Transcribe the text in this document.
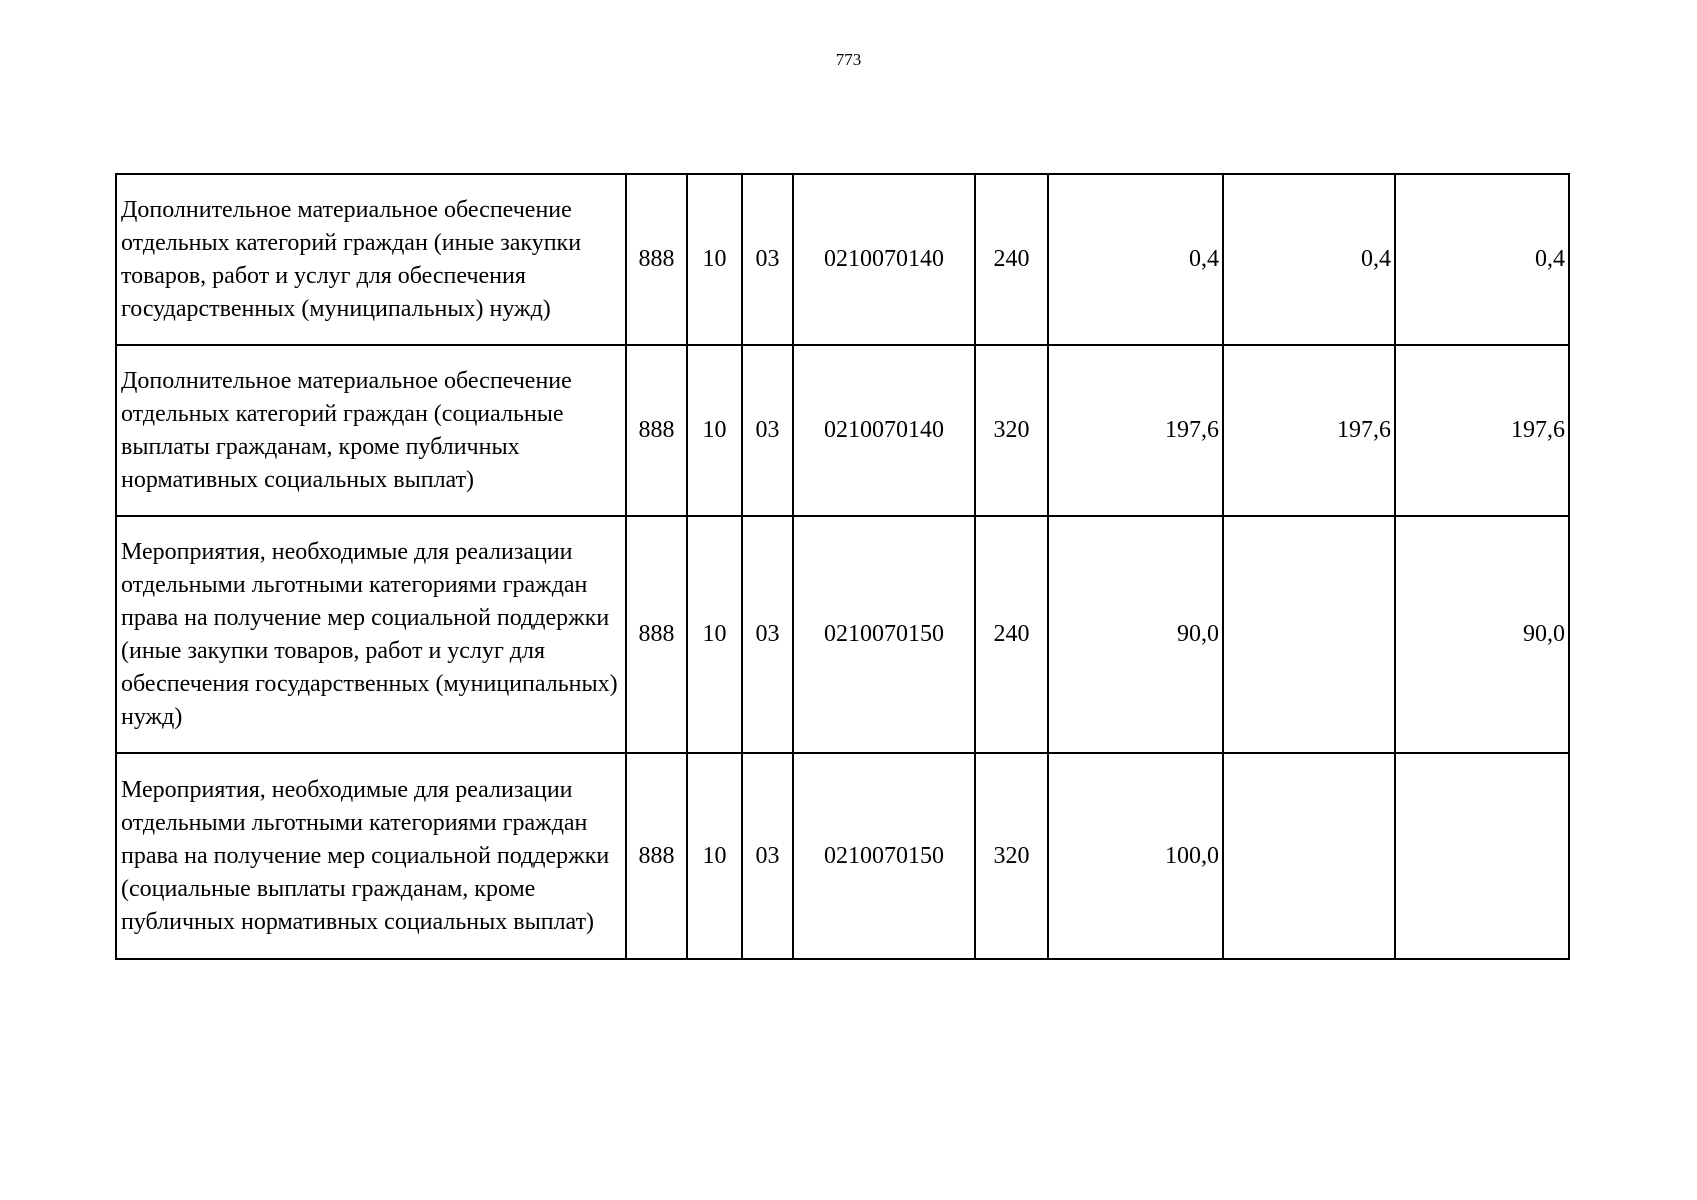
773
Дополнительное материальное обеспечение отдельных категорий граждан (иные закупки товаров, работ и услуг для обеспечения государственных (муниципальных) нужд)	888	10	03	0210070140	240	0,4	0,4	0,4
Дополнительное материальное обеспечение отдельных категорий граждан (социальные выплаты гражданам, кроме публичных нормативных социальных выплат)	888	10	03	0210070140	320	197,6	197,6	197,6
Мероприятия, необходимые для реализации отдельными льготными категориями граждан права на получение мер социальной поддержки (иные закупки товаров, работ и услуг для обеспечения государственных (муниципальных) нужд)	888	10	03	0210070150	240	90,0		90,0
Мероприятия, необходимые для реализации отдельными льготными категориями граждан права на получение мер социальной поддержки (социальные выплаты гражданам, кроме публичных нормативных социальных выплат)	888	10	03	0210070150	320	100,0		
